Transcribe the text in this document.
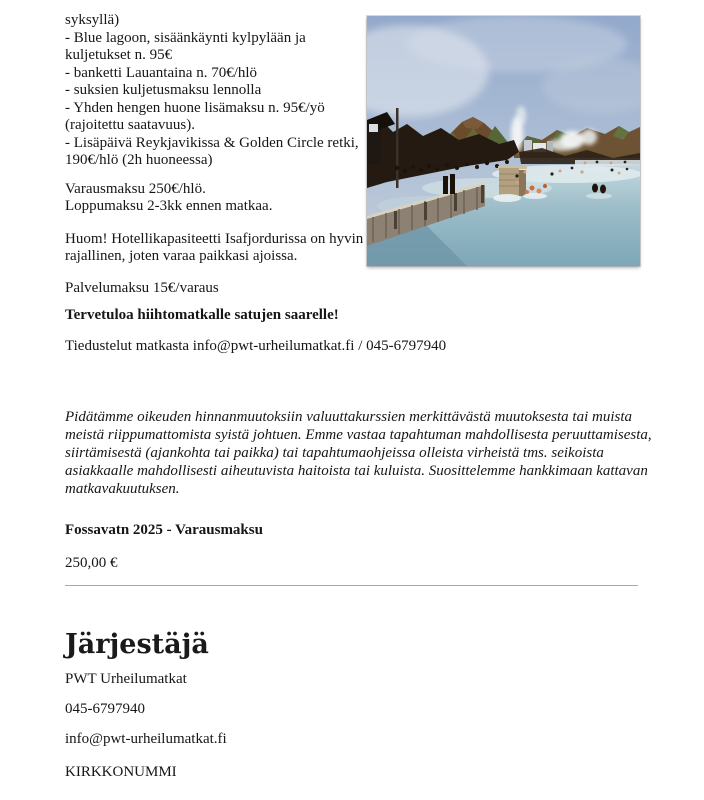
syksyllä)
- Blue lagoon, sisäänkäynti kylpylään ja
kuljetukset n. 95€
- banketti Lauantaina n. 70€/hlö
- suksien kuljetusmaksu lennolla
- Yhden hengen huone lisämaksu n. 95€/yö
(rajoitettu saatavuus).
- Lisäpäivä Reykjavikissa & Golden Circle retki,
190€/hlö (2h huoneessa)
Varausmaksu 250€/hlö.
Loppumaksu 2-3kk ennen matkaa.
Huom! Hotellikapasiteetti Isafjordurissa on hyvin
rajallinen, joten varaa paikkasi ajoissa.

Palvelumaksu 15€/varaus

Tervetuloa hiihtomatkalle satujen saarelle!

Tiedustelut matkasta info@pwt-urheilumatkat.fi / 045-6797940

Pidätämme oikeuden hinnanmuutoksiin valuuttakurssien merkittävästä muutoksesta tai muista
meistä riippumattomista syistä johtuen. Emme vastaa tapahtuman mahdollisesta peruuttamisesta,
siirtämisestä (ajankohta tai paikka) tai tapahtumaohjeissa olleista virheistä tms. seikoista
asiakkaalle mahdollisesti aiheutuvista haitoista tai kuluista. Suosittelemme hankkimaan kattavan
matkavakuutuksen.

Fossavatn 2025 - Varausmaksu

250,00 €

Järjestäjä

PWT Urheilumatkat

045-6797940

info@pwt-urheilumatkat.fi

KIRKKONUMMI
